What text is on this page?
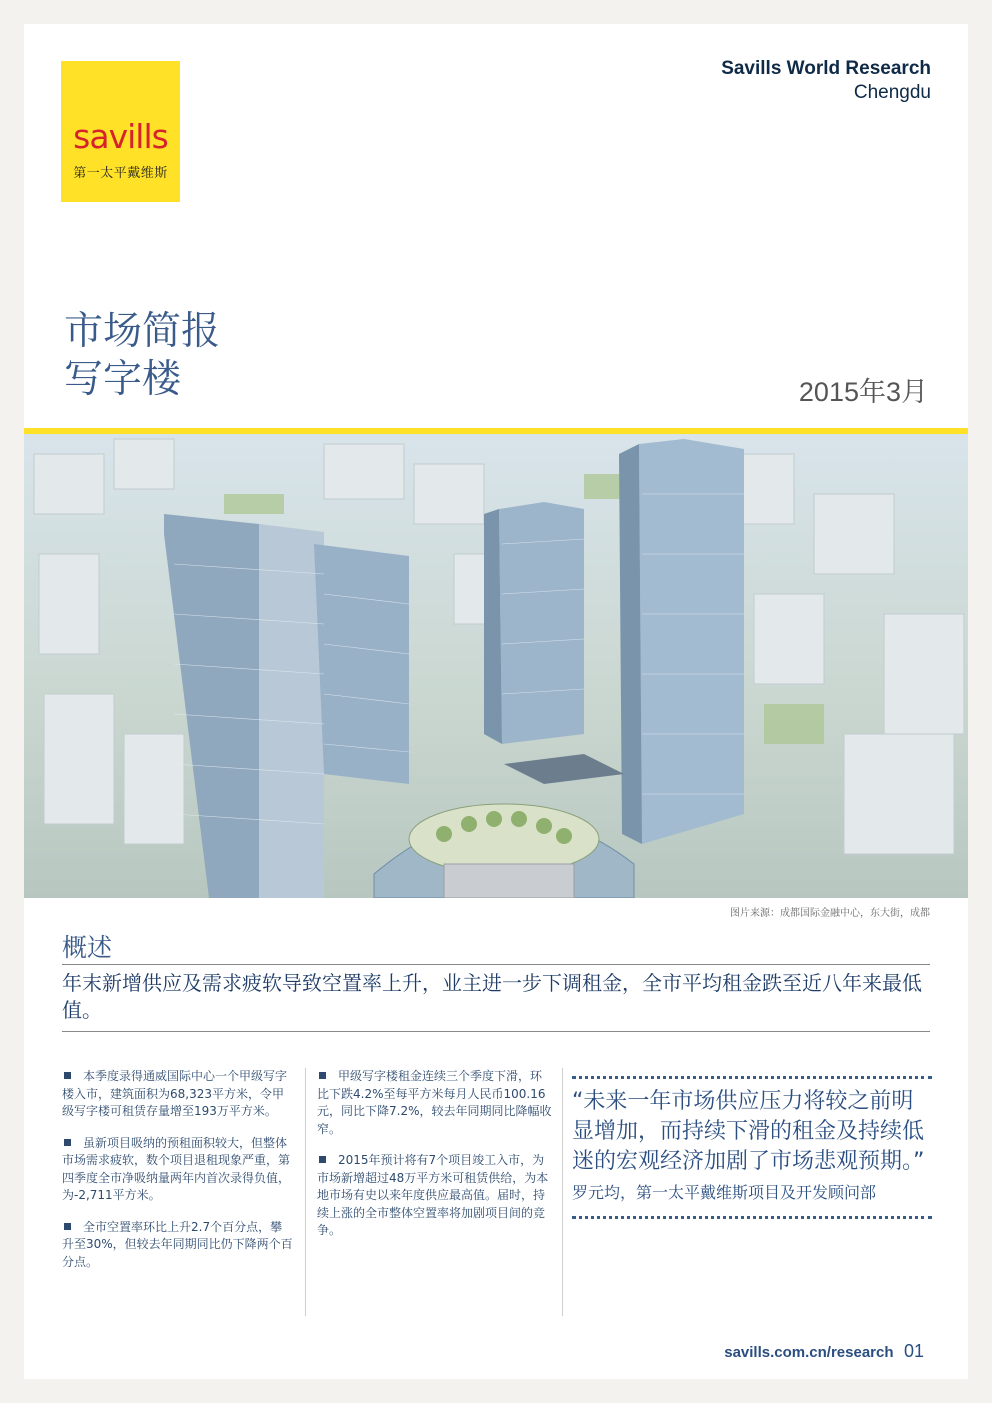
savills
第一太平戴维斯
Savills World Research
Chengdu
市场简报
写字楼	2015年3月
图片来源：成都国际金融中心，东大街，成都
概述
年末新增供应及需求疲软导致空置率上升，业主进一步下调租金，全市平均租金跌至近八年来最低值。
本季度录得通威国际中心一个甲级写字楼入市，建筑面积为68,323平方米，令甲级写字楼可租赁存量增至193万平方米。
虽新项目吸纳的预租面积较大，但整体市场需求疲软，数个项目退租现象严重，第四季度全市净吸纳量两年内首次录得负值，为-2,711平方米。
全市空置率环比上升2.7个百分点，攀升至30%，但较去年同期同比仍下降两个百分点。
甲级写字楼租金连续三个季度下滑，环比下跌4.2%至每平方米每月人民币100.16元，同比下降7.2%，较去年同期同比降幅收窄。
2015年预计将有7个项目竣工入市，为市场新增超过48万平方米可租赁供给，为本地市场有史以来年度供应最高值。届时，持续上涨的全市整体空置率将加剧项目间的竞争。
“未来一年市场供应压力将较之前明显增加，而持续下滑的租金及持续低迷的宏观经济加剧了市场悲观预期。” 罗元均，第一太平戴维斯项目及开发顾问部
savills.com.cn/research 01
